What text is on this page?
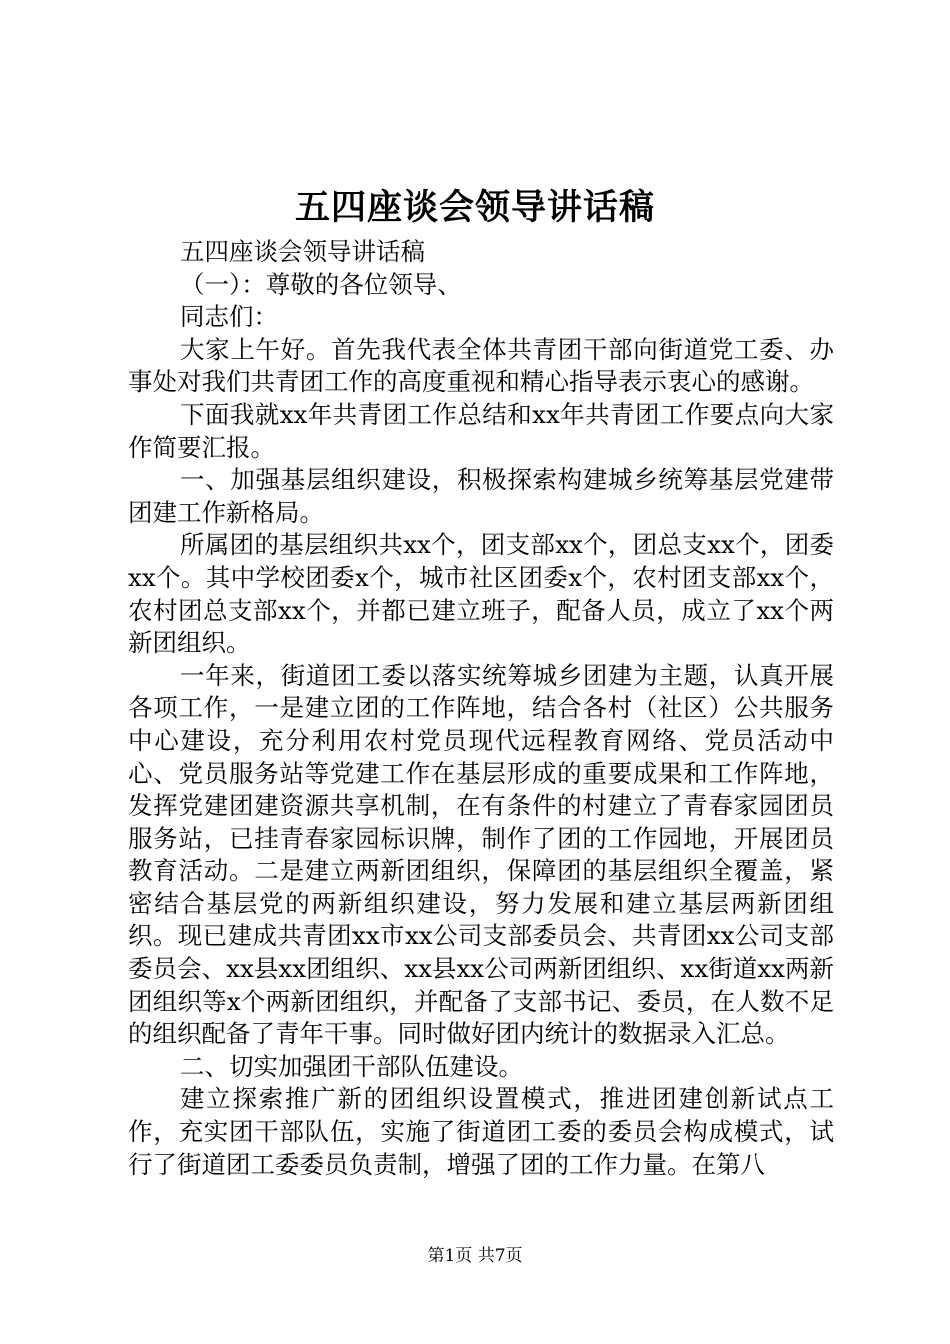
五四座谈会领导讲话稿

五四座谈会领导讲话稿

（一）：尊敬的各位领导、

同志们：

大家上午好。首先我代表全体共青团干部向街道党工委、办事处对我们共青团工作的高度重视和精心指导表示衷心的感谢。

下面我就xx年共青团工作总结和xx年共青团工作要点向大家作简要汇报。

一、加强基层组织建设，积极探索构建城乡统筹基层党建带团建工作新格局。

所属团的基层组织共xx个，团支部xx个，团总支xx个，团委xx个。其中学校团委x个，城市社区团委x个，农村团支部xx个，农村团总支部xx个，并都已建立班子，配备人员，成立了xx个两新团组织。

一年来，街道团工委以落实统筹城乡团建为主题，认真开展各项工作，一是建立团的工作阵地，结合各村（社区）公共服务中心建设，充分利用农村党员现代远程教育网络、党员活动中心、党员服务站等党建工作在基层形成的重要成果和工作阵地，发挥党建团建资源共享机制，在有条件的村建立了青春家园团员服务站，已挂青春家园标识牌，制作了团的工作园地，开展团员教育活动。二是建立两新团组织，保障团的基层组织全覆盖，紧密结合基层党的两新组织建设，努力发展和建立基层两新团组织。现已建成共青团xx市xx公司支部委员会、共青团xx公司支部委员会、xx县xx团组织、xx县xx公司两新团组织、xx街道xx两新团组织等x个两新团组织，并配备了支部书记、委员，在人数不足的组织配备了青年干事。同时做好团内统计的数据录入汇总。

二、切实加强团干部队伍建设。

建立探索推广新的团组织设置模式，推进团建创新试点工作，充实团干部队伍，实施了街道团工委的委员会构成模式，试行了街道团工委委员负责制，增强了团的工作力量。在第八

第1页 共7页
